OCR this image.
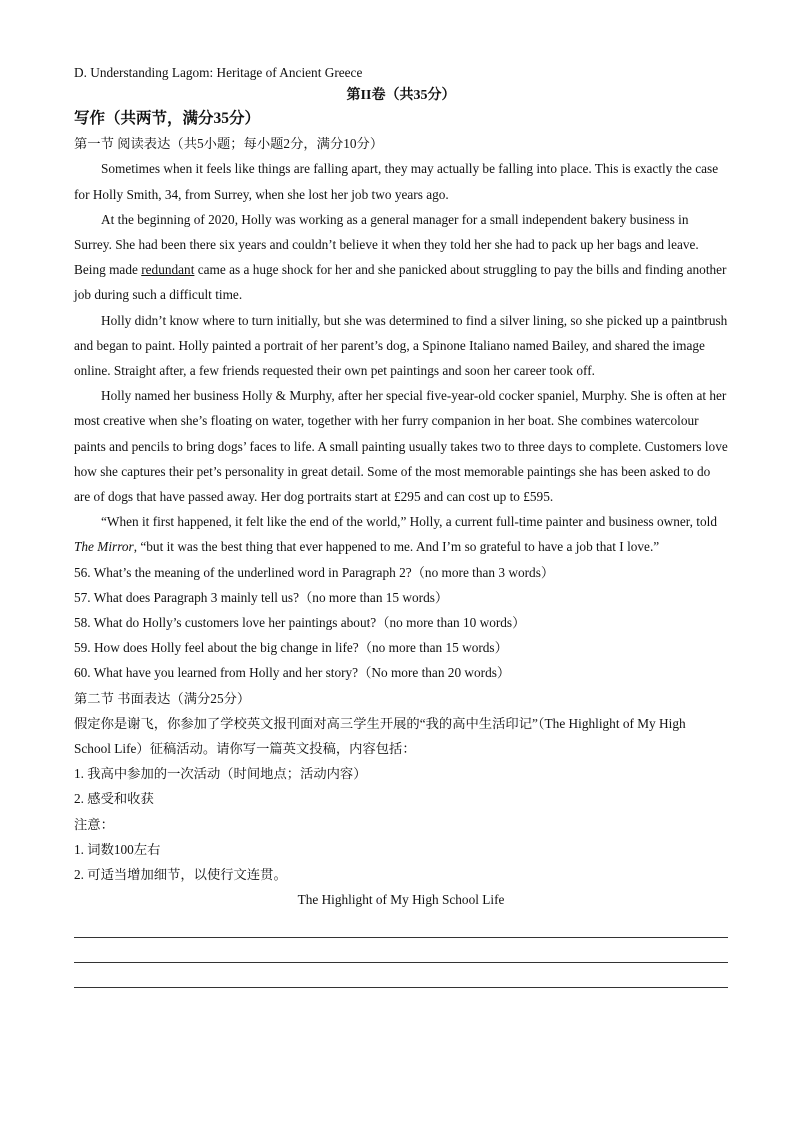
D. Understanding Lagom: Heritage of Ancient Greece
第II卷（共35分）
写作（共两节，满分35分）
第一节 阅读表达（共5小题；每小题2分，满分10分）

Sometimes when it feels like things are falling apart, they may actually be falling into place. This is exactly the case for Holly Smith, 34, from Surrey, when she lost her job two years ago.

At the beginning of 2020, Holly was working as a general manager for a small independent bakery business in Surrey. She had been there six years and couldn’t believe it when they told her she had to pack up her bags and leave. Being made redundant came as a huge shock for her and she panicked about struggling to pay the bills and finding another job during such a difficult time.

Holly didn’t know where to turn initially, but she was determined to find a silver lining, so she picked up a paintbrush and began to paint. Holly painted a portrait of her parent’s dog, a Spinone Italiano named Bailey, and shared the image online. Straight after, a few friends requested their own pet paintings and soon her career took off.

Holly named her business Holly & Murphy, after her special five-year-old cocker spaniel, Murphy. She is often at her most creative when she’s floating on water, together with her furry companion in her boat. She combines watercolour paints and pencils to bring dogs’ faces to life. A small painting usually takes two to three days to complete. Customers love how she captures their pet’s personality in great detail. Some of the most memorable paintings she has been asked to do are of dogs that have passed away. Her dog portraits start at £295 and can cost up to £595.

“When it first happened, it felt like the end of the world,” Holly, a current full-time painter and business owner, told The Mirror, “but it was the best thing that ever happened to me. And I’m so grateful to have a job that I love.”

56. What’s the meaning of the underlined word in Paragraph 2?（no more than 3 words）
57. What does Paragraph 3 mainly tell us?（no more than 15 words）
58. What do Holly’s customers love her paintings about?（no more than 10 words）
59. How does Holly feel about the big change in life?（no more than 15 words）
60. What have you learned from Holly and her story?（No more than 20 words）
第二节 书面表达（满分25分）
假定你是谢飞，你参加了学校英文报刊面对高三学生开展的“我的高中生活印记”（The Highlight of My High
School Life）征稿活动。请你写一篇英文投稿，内容包括：
1. 我高中参加的一次活动（时间地点；活动内容）
2. 感受和收获
注意：
1. 词数100左右
2. 可适当增加细节，以使行文连贯。
The Highlight of My High School Life
